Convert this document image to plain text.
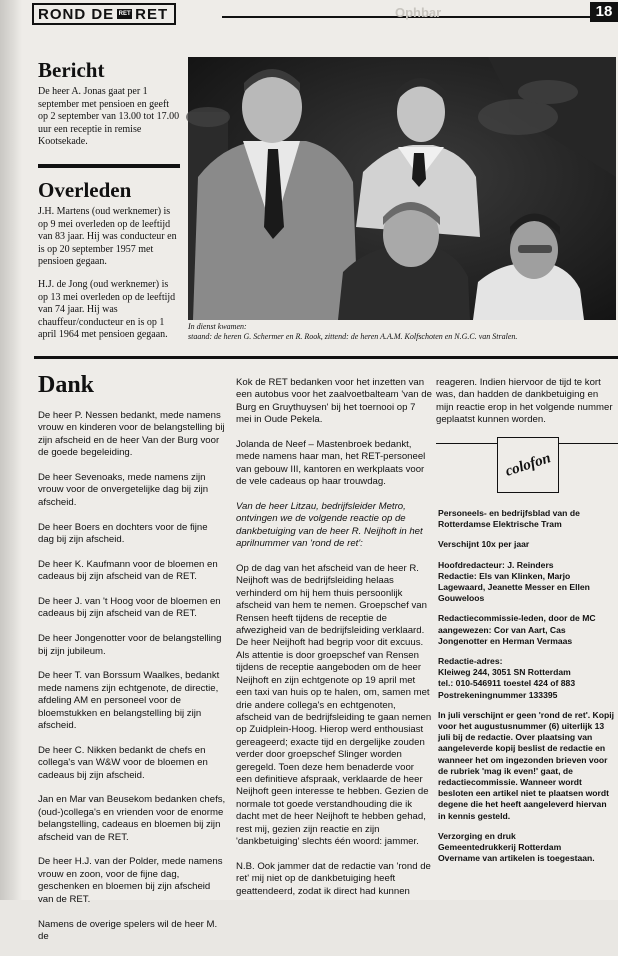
ROND DE RET RET	18
Ophbar
Bericht

De heer A. Jonas gaat per 1 september met pensioen en geeft op 2 september van 13.00 tot 17.00 uur een receptie in remise Kootsekade.

Overleden

J.H. Martens (oud werknemer) is op 9 mei overleden op de leeftijd van 83 jaar. Hij was conducteur en is op 20 september 1957 met pensioen gegaan.

H.J. de Jong (oud werknemer) is op 13 mei overleden op de leeftijd van 74 jaar. Hij was chauffeur/conducteur en is op 1 april 1964 met pensioen gegaan.

In dienst kwamen:
staand: de heren G. Schermer en R. Rook, zittend: de heren A.A.M. Kolfschoten en N.G.C. van Stralen.

Dank

De heer P. Nessen bedankt, mede namens vrouw en kinderen voor de belangstelling bij zijn afscheid en de heer Van der Burg voor de goede begeleiding.

De heer Sevenoaks, mede namens zijn vrouw voor de onvergetelijke dag bij zijn afscheid.

De heer Boers en dochters voor de fijne dag bij zijn afscheid.

De heer K. Kaufmann voor de bloemen en cadeaus bij zijn afscheid van de RET.

De heer J. van 't Hoog voor de bloemen en cadeaus bij zijn afscheid van de RET.

De heer Jongenotter voor de belangstelling bij zijn jubileum.

De heer T. van Borssum Waalkes, bedankt mede namens zijn echtgenote, de directie, afdeling AM en personeel voor de bloemstukken en belangstelling bij zijn afscheid.

De heer C. Nikken bedankt de chefs en collega's van W&W voor de bloemen en cadeaus bij zijn afscheid.

Jan en Mar van Beusekom bedanken chefs, (oud-)collega's en vrienden voor de enorme belangstelling, cadeaus en bloemen bij zijn afscheid van de RET.

De heer H.J. van der Polder, mede namens vrouw en zoon, voor de fijne dag, geschenken en bloemen bij zijn afscheid van de RET.

Namens de overige spelers wil de heer M. de

Kok de RET bedanken voor het inzetten van een autobus voor het zaalvoetbalteam 'van de Burg en Gruythuysen' bij het toernooi op 7 mei in Oude Pekela.

Jolanda de Neef – Mastenbroek bedankt, mede namens haar man, het RET-personeel van gebouw III, kantoren en werkplaats voor de vele cadeaus op haar trouwdag.

Van de heer Litzau, bedrijfsleider Metro, ontvingen we de volgende reactie op de dankbetuiging van de heer R. Neijhoft in het aprilnummer van 'rond de ret':

Op de dag van het afscheid van de heer R. Neijhoft was de bedrijfsleiding helaas verhinderd om hij hem thuis persoonlijk afscheid van hem te nemen. Groepschef van Rensen heeft tijdens de receptie de afwezigheid van de bedrijfsleiding verklaard. De heer Neijhoft had begrip voor dit excuus. Als attentie is door groepschef van Rensen tijdens de receptie aangeboden om de heer Neijhoft en zijn echtgenote op 19 april met een taxi van huis op te halen, om, samen met drie andere collega's en echtgenoten, afscheid van de bedrijfsleiding te gaan nemen op Zuidplein-Hoog. Hierop werd enthousiast gereageerd; exacte tijd en dergelijke zouden verder door groepschef Slinger worden geregeld. Toen deze hem benaderde voor een definitieve afspraak, verklaarde de heer Neijhoft geen interesse te hebben. Gezien de normale tot goede verstandhouding die ik dacht met de heer Neijhoft te hebben gehad, rest mij, gezien zijn reactie en zijn 'dankbetuiging' slechts één woord: jammer.

N.B. Ook jammer dat de redactie van 'rond de ret' mij niet op de dankbetuiging heeft geattendeerd, zodat ik direct had kunnen

reageren. Indien hiervoor de tijd te kort was, dan hadden de dankbetuiging en mijn reactie erop in het volgende nummer geplaatst kunnen worden.

colofon

Personeels- en bedrijfsblad van de Rotterdamse Elektrische Tram

Verschijnt 10x per jaar

Hoofdredacteur: J. Reinders
Redactie: Els van Klinken, Marjo Lagewaard, Jeanette Messer en Ellen Gouweloos

Redactiecommissie-leden, door de MC aangewezen: Cor van Aart, Cas Jongenotter en Herman Vermaas

Redactie-adres:
Kleiweg 244, 3051 SN Rotterdam
tel.: 010-546911 toestel 424 of 883
Postrekeningnummer 133395

In juli verschijnt er geen 'rond de ret'. Kopij voor het augustusnummer (6) uiterlijk 13 juli bij de redactie. Over plaatsing van aangeleverde kopij beslist de redactie en wanneer het om ingezonden brieven voor de rubriek 'mag ik even!' gaat, de redactiecommissie. Wanneer wordt besloten een artikel niet te plaatsen wordt degene die het heeft aangeleverd hiervan in kennis gesteld.

Verzorging en druk
Gemeentedrukkerij Rotterdam
Overname van artikelen is toegestaan.
